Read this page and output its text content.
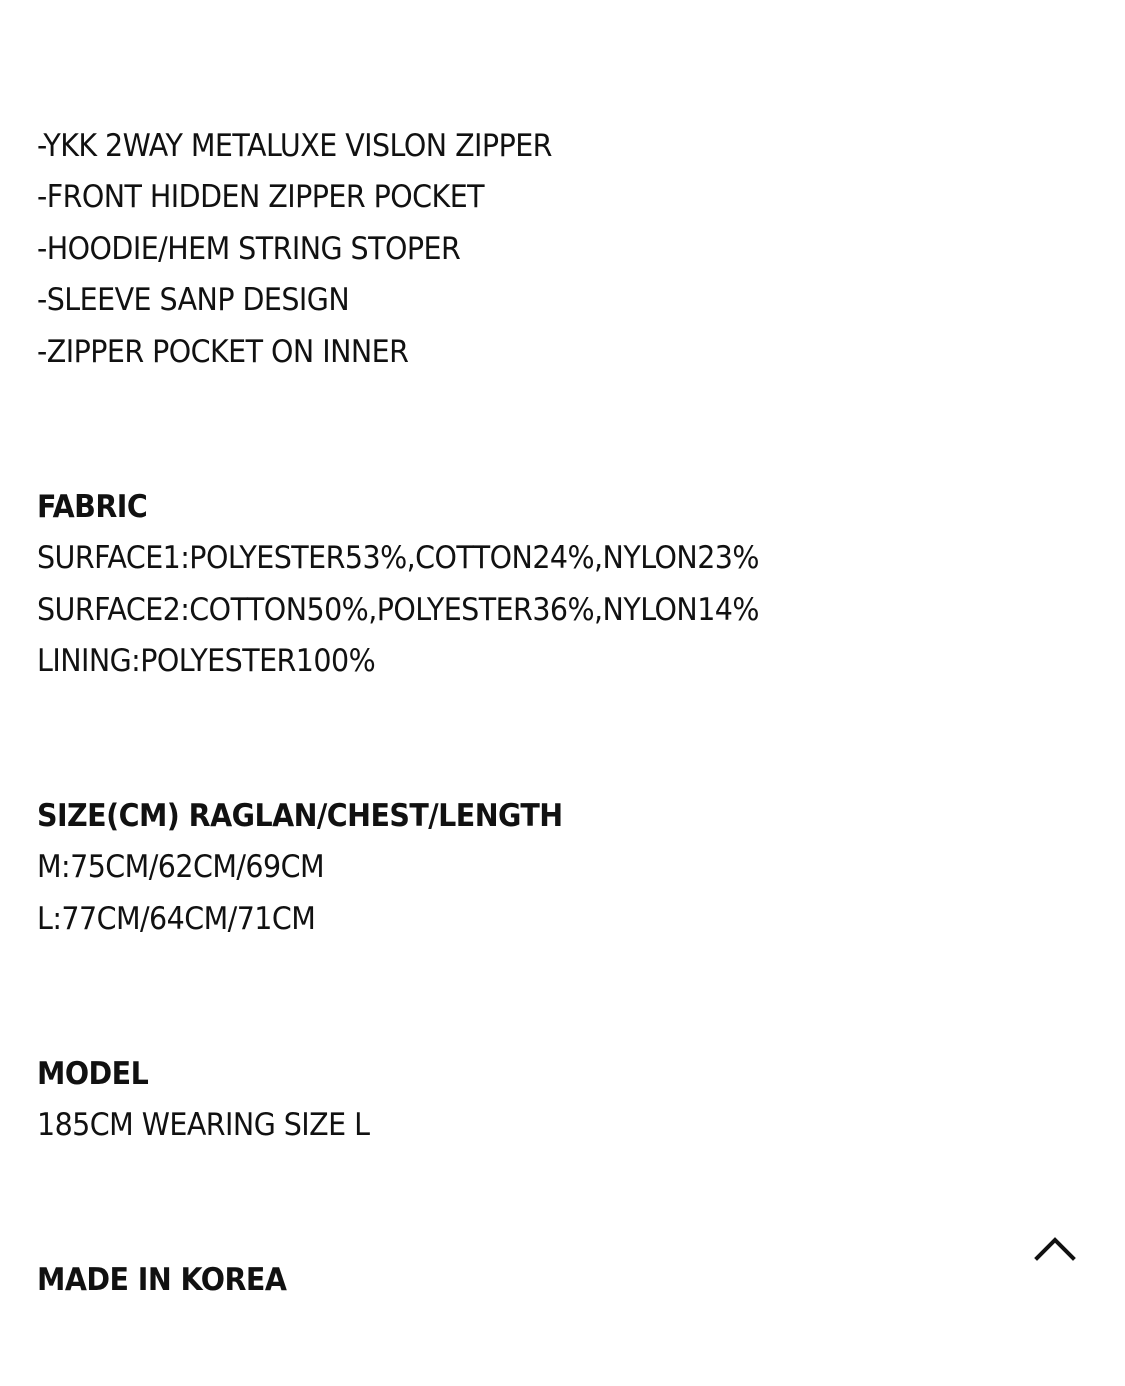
-YKK 2WAY METALUXE VISLON ZIPPER
-FRONT HIDDEN ZIPPER POCKET
-HOODIE/HEM STRING STOPER
-SLEEVE SANP DESIGN
-ZIPPER POCKET ON INNER
FABRIC
SURFACE1:POLYESTER53%,COTTON24%,NYLON23%
SURFACE2:COTTON50%,POLYESTER36%,NYLON14%
LINING:POLYESTER100%
SIZE(CM) RAGLAN/CHEST/LENGTH
M:75CM/62CM/69CM
L:77CM/64CM/71CM
MODEL
185CM WEARING SIZE L
MADE IN KOREA
